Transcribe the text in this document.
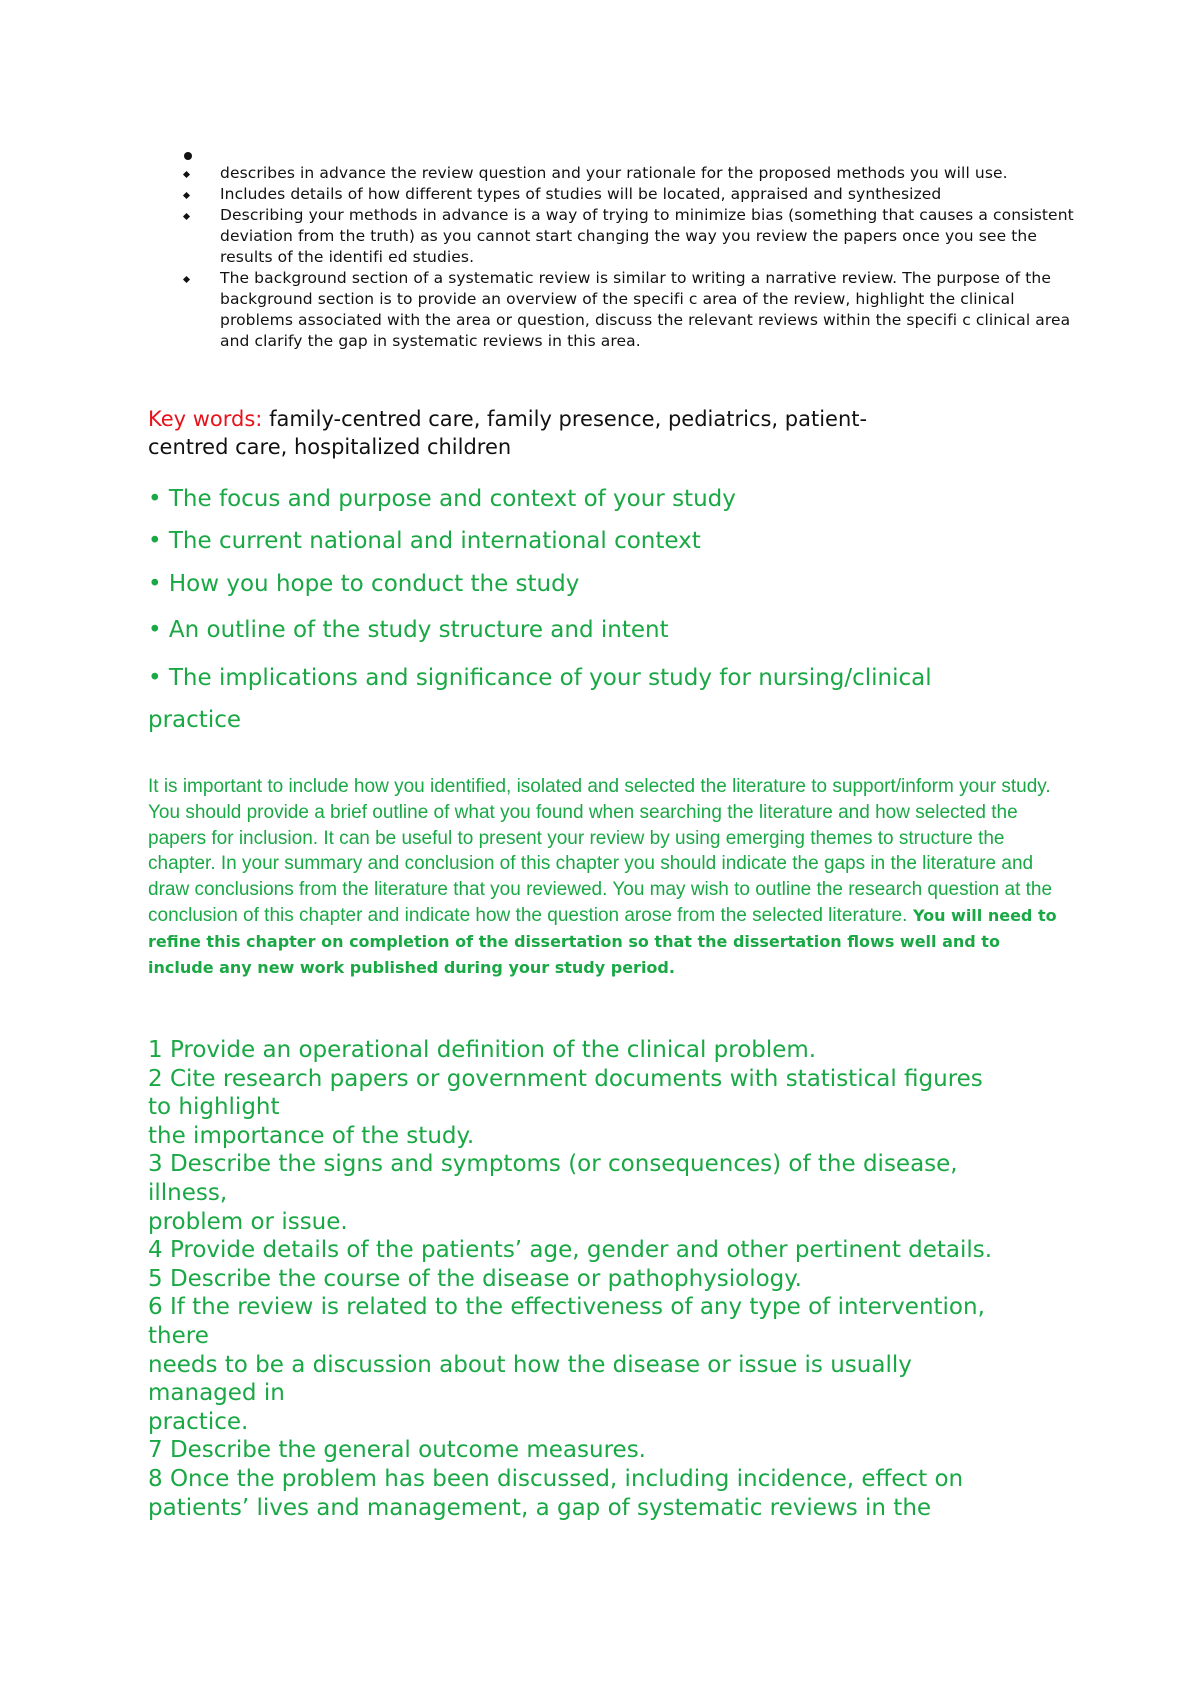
describes in advance the review question and your rationale for the proposed methods you will use.
Includes details of how different types of studies will be located, appraised and synthesized
Describing your methods in advance is a way of trying to minimize bias (something that causes a consistent deviation from the truth) as you cannot start changing the way you review the papers once you see the results of the identifi ed studies.
The background section of a systematic review is similar to writing a narrative review. The purpose of the background section is to provide an overview of the specifi c area of the review, highlight the clinical problems associated with the area or question, discuss the relevant reviews within the specifi c clinical area and clarify the gap in systematic reviews in this area.
Key words: family-centred care, family presence, pediatrics, patient-
centred care, hospitalized children
• The focus and purpose and context of your study
• The current national and international context
• How you hope to conduct the study
• An outline of the study structure and intent
• The implications and significance of your study for nursing/clinical
practice
It is important to include how you identified, isolated and selected the literature to support/inform your study. You should provide a brief outline of what you found when searching the literature and how selected the papers for inclusion. It can be useful to present your review by using emerging themes to structure the chapter. In your summary and conclusion of this chapter you should indicate the gaps in the literature and draw conclusions from the literature that you reviewed. You may wish to outline the research question at the conclusion of this chapter and indicate how the question arose from the selected literature. You will need to refine this chapter on completion of the dissertation so that the dissertation flows well and to include any new work published during your study period.
1 Provide an operational definition of the clinical problem.
2 Cite research papers or government documents with statistical figures
to highlight
the importance of the study.
3 Describe the signs and symptoms (or consequences) of the disease,
illness,
problem or issue.
4 Provide details of the patients’ age, gender and other pertinent details.
5 Describe the course of the disease or pathophysiology.
6 If the review is related to the effectiveness of any type of intervention,
there
needs to be a discussion about how the disease or issue is usually
managed in
practice.
7 Describe the general outcome measures.
8 Once the problem has been discussed, including incidence, effect on
patients’ lives and management, a gap of systematic reviews in the
